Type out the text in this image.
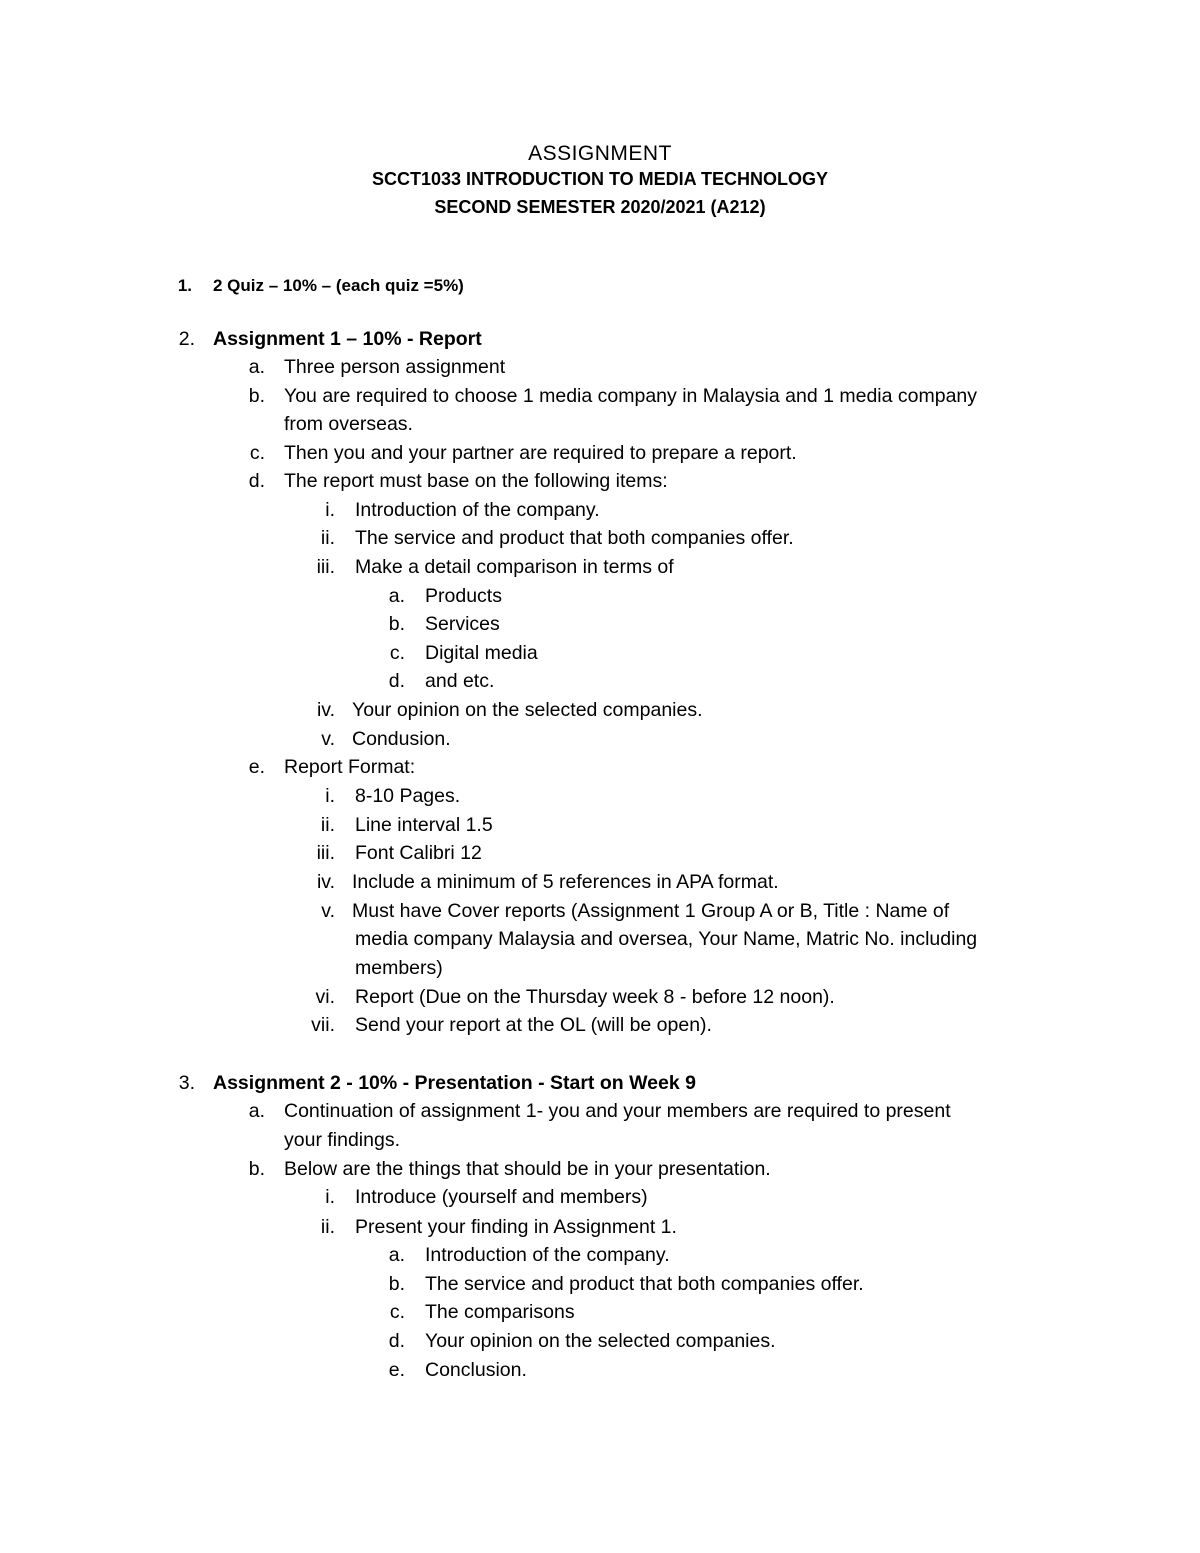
ASSIGNMENT
SCCT1033 INTRODUCTION TO MEDIA TECHNOLOGY
SECOND SEMESTER 2020/2021 (A212)
1. 2 Quiz – 10% – (each quiz =5%)
2. Assignment 1 – 10% - Report
a. Three person assignment
b. You are required to choose 1 media company in Malaysia and 1 media company
from overseas.
c. Then you and your partner are required to prepare a report.
d. The report must base on the following items:
i. Introduction of the company.
ii. The service and product that both companies offer.
iii. Make a detail comparison in terms of
a. Products
b. Services
c. Digital media
d. and etc.
iv. Your opinion on the selected companies.
v. Condusion.
e. Report Format:
i. 8-10 Pages.
ii. Line interval 1.5
iii. Font Calibri 12
iv. Include a minimum of 5 references in APA format.
v. Must have Cover reports (Assignment 1 Group A or B, Title : Name of
media company Malaysia and oversea, Your Name, Matric No. including
members)
vi. Report (Due on the Thursday week 8 - before 12 noon).
vii. Send your report at the OL (will be open).
3. Assignment 2 - 10% - Presentation - Start on Week 9
a. Continuation of assignment 1- you and your members are required to present
your findings.
b. Below are the things that should be in your presentation.
i. Introduce (yourself and members)
ii. Present your finding in Assignment 1.
a. Introduction of the company.
b. The service and product that both companies offer.
c. The comparisons
d. Your opinion on the selected companies.
e. Conclusion.
